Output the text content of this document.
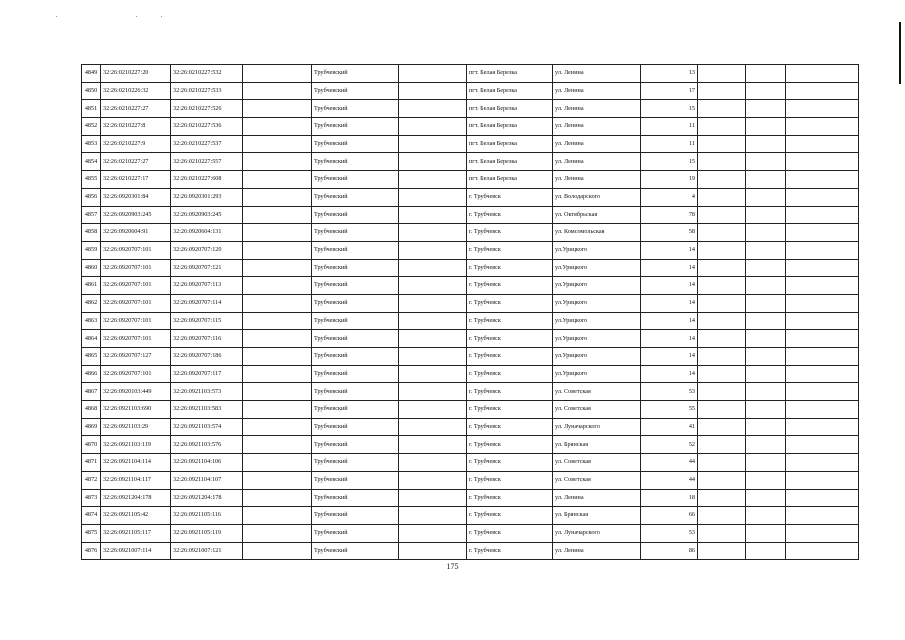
4849	32:26:0210227:20	32:26:0210227:532		Трубчевский		пгт. Белая Березка	ул. Ленина	13			
4850	32:26:0210226:32	32:26:0210227:533		Трубчевский		пгт. Белая Березка	ул. Ленина	17			
4851	32:26:0210227:27	32:26:0210227:526		Трубчевский		пгт. Белая Березка	ул. Ленина	15			
4852	32:26:0210227:8	32:26:0210227:536		Трубчевский		пгт. Белая Березка	ул. Ленина	11			
4853	32:26:0210227:9	32:26:0210227:537		Трубчевский		пгт. Белая Березка	ул. Ленина	11			
4854	32:26:0210227:27	32:26:0210227:557		Трубчевский		пгт. Белая Березка	ул. Ленина	15			
4855	32:26:0210227:17	32:26:0210227:608		Трубчевский		пгт. Белая Березка	ул. Ленина	19			
4856	32:26:0920301:84	32:26:0920301:293		Трубчевский		г. Трубчевск	ул. Володарского	4			
4857	32:26:0920903:245	32:26:0920903:245		Трубчевский		г. Трубчевск	ул. Октябрьская	78			
4858	32:26:0920604:91	32:26:0920604:131		Трубчевский		г. Трубчевск	ул. Комсомольская	58			
4859	32:26:0920707:101	32:26:0920707:120		Трубчевский		г. Трубчевск	ул.Урицкого	14			
4860	32:26:0920707:101	32:26:0920707:121		Трубчевский		г. Трубчевск	ул.Урицкого	14			
4861	32:26:0920707:101	32:26:0920707:113		Трубчевский		г. Трубчевск	ул.Урицкого	14			
4862	32:26:0920707:101	32:26:0920707:114		Трубчевский		г. Трубчевск	ул.Урицкого	14			
4863	32:26:0920707:101	32:26:0920707:115		Трубчевский		г. Трубчевск	ул.Урицкого	14			
4864	32:26:0920707:101	32:26:0920707:116		Трубчевский		г. Трубчевск	ул.Урицкого	14			
4865	32:26:0920707:127	32:26:0920707:186		Трубчевский		г. Трубчевск	ул.Урицкого	14			
4866	32:26:0920707:101	32:26:0920707:117		Трубчевский		г. Трубчевск	ул.Урицкого	14			
4867	32:26:0920103:449	32:26:0921103:573		Трубчевский		г. Трубчевск	ул. Советская	53			
4868	32:26:0921103:690	32:26:0921103:583		Трубчевский		г. Трубчевск	ул. Советская	55			
4869	32:26:0921103:29	32:26:0921103:574		Трубчевский		г. Трубчевск	ул. Луначарского	41			
4870	32:26:0921103:119	32:26:0921103:576		Трубчевский		г. Трубчевск	ул. Брянская	52			
4871	32:26:0921104:114	32:26:0921104:106		Трубчевский		г. Трубчевск	ул. Советская	44			
4872	32:26:0921104:117	32:26:0921104:107		Трубчевский		г. Трубчевск	ул. Советская	44			
4873	32:26:0921204:178	32:26:0921204:178		Трубчевский		г. Трубчевск	ул. Ленина	18			
4874	32:26:0921105:42	32:26:0921105:116		Трубчевский		г. Трубчевск	ул. Брянская	66			
4875	32:26:0921105:117	32:26:0921105:119		Трубчевский		г. Трубчевск	ул. Луначарского	53			
4876	32:26:0921007:114	32:26:0921007:121		Трубчевский		г. Трубчевск	ул. Ленина	86			
175
